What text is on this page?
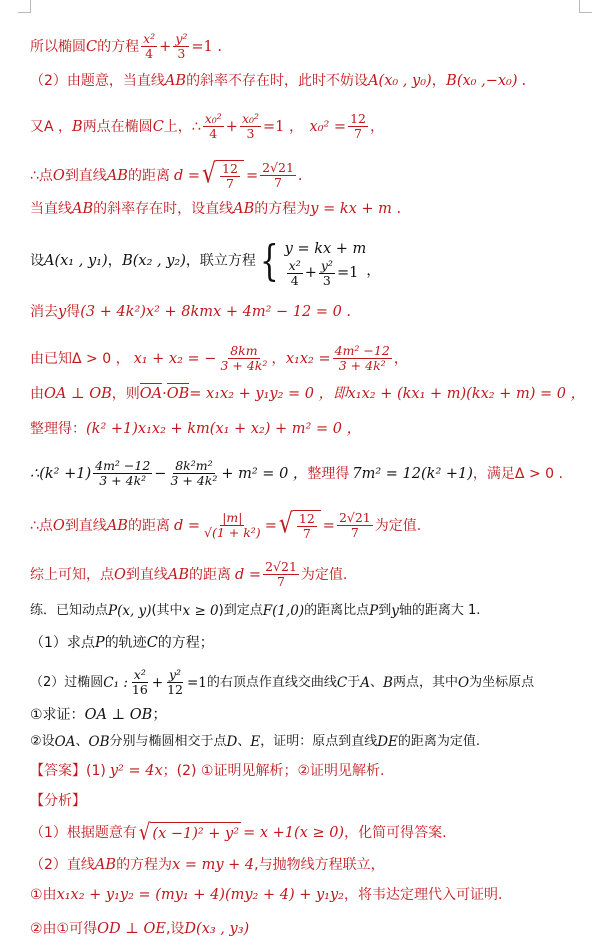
所以椭圆 C 的方程 $\frac{\text{x²}}{4} + \frac{\text{y²}}{3} =1$ .
（2）由题意，当直线 AB 的斜率不存在时，此时不妨设 A(x₀ , y₀) ， B(x₀ ,−x₀) .
又A ， B 两点在椭圆 C 上，∴ $\frac{\text{x₀²}}{4} + \frac{\text{x₀²}}{3} =1$ ， $x_0^2 = \frac{12}{7}$ ，
∴点 O 到直线 AB 的距离 d = √ $\frac{12}{7} = \frac{2√21}{7}$ .
当直线 AB 的斜率存在时，设直线 AB 的方程为 y = kx + m .
设 A(x₁ , y₁) ， B(x₂ , y₂) ，联立方程 { y = kx + m
$\frac{\text{x²}}{4} + \frac{\text{y²}}{3} =1$ ，
消去 y 得 (3 + 4k²)x² + 8kmx + 4m² − 12 = 0 .
由已知Δ > 0 ， x₁ + x₂ = − $\frac{8km}{\text{3 + 4k²}}$ ， $x_1x_2 = \frac{\text{4m² −12}}{\text{3 + 4k²}}$ ，
由 OA ⊥ OB ，则 OA · OB = x₁x₂ + y₁y₂ = 0 ，即 x₁x₂ + (kx₁ + m)(kx₂ + m) = 0 ，
整理得： (k² +1)x₁x₂ + km(x₁ + x₂) + m² = 0 ，
∴(k² $+1) \frac{\text{4m² −12}}{\text{3 + 4k²}} - \frac{\text{8k²m²}}{\text{3 + 4k²}} + m^2 = 0$ ， 整理得 7m² = 12(k² +1) ，满足Δ > 0 .
∴点 O 到直线 AB 的距离 $d = \frac{|m|}{\text{√(1 + k²)}}$ = √ $\frac{12}{7} = \frac{2√21}{7}$ 为定值.
综上可知，点 O 到直线 AB 的距离 $d = \frac{2√21}{7}$ 为定值.
练．已知动点 P(x, y) (其中 x ≥ 0 )到定点 F(1,0) 的距离比点 P 到 y 轴的距离大 1.
（1）求点 P 的轨迹 C 的方程；
（2）过椭圆 C₁ : $\frac{\text{x²}}{16} + \frac{\text{y²}}{12} =1$ 的右顶点作直线交曲线 C 于 A 、 B 两点，其中 O 为坐标原点
①求证： OA ⊥ OB ；
②设 OA 、 OB 分别与椭圆相交于点 D 、 E ，证明：原点到直线 DE 的距离为定值.
【答案】(1) y² = 4x ；(2) ①证明见解析；②证明见解析.
【分析】
（1）根据题意有 √ (x −1)² + y² = x +1(x ≥ 0) ，化简可得答案.
（2）直线 AB 的方程为 x = my + 4 ,与抛物线方程联立，
①由 x₁x₂ + y₁y₂ = (my₁ + 4)(my₂ + 4) + y₁y₂ ，将韦达定理代入可证明.
②由①可得 OD ⊥ OE ,设 D(x₃ , y₃)
